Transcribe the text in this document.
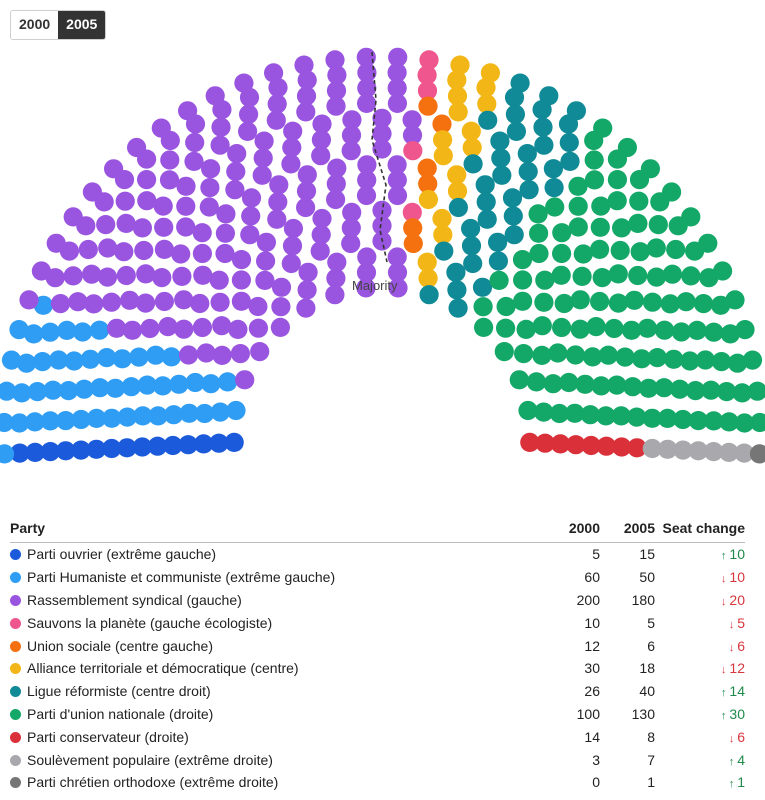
2000	2005
Majority
Party	2000	2005	Seat change
Parti ouvrier (extrême gauche)	5	15	↑ 10
Parti Humaniste et communiste (extrême gauche)	60	50	↓ 10
Rassemblement syndical (gauche)	200	180	↓ 20
Sauvons la planète (gauche écologiste)	10	5	↓ 5
Union sociale (centre gauche)	12	6	↓ 6
Alliance territoriale et démocratique (centre)	30	18	↓ 12
Ligue réformiste (centre droit)	26	40	↑ 14
Parti d'union nationale (droite)	100	130	↑ 30
Parti conservateur (droite)	14	8	↓ 6
Soulèvement populaire (extrême droite)	3	7	↑ 4
Parti chrétien orthodoxe (extrême droite)	0	1	↑ 1
